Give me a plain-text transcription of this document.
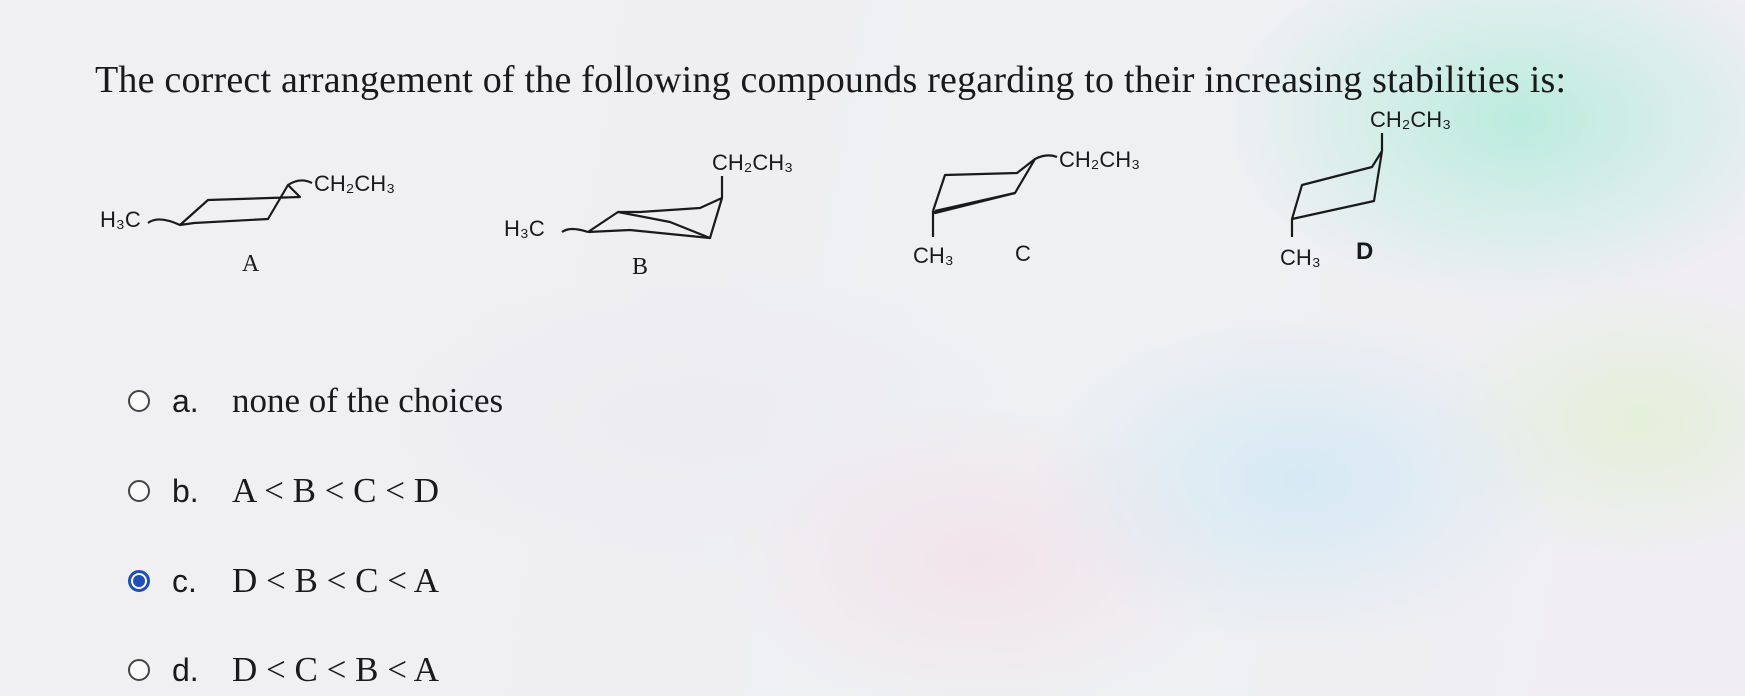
The correct arrangement of the following compounds regarding to their increasing stabilities is:
H₃C
CH₂CH₃
A
H₃C
CH₂CH₃
B
CH₂CH₃
CH₃	C
CH₂CH₃
CH₃ D
a. none of the choices
b. A < B < C < D
c.	D < B < C < A
d. D < C < B < A
